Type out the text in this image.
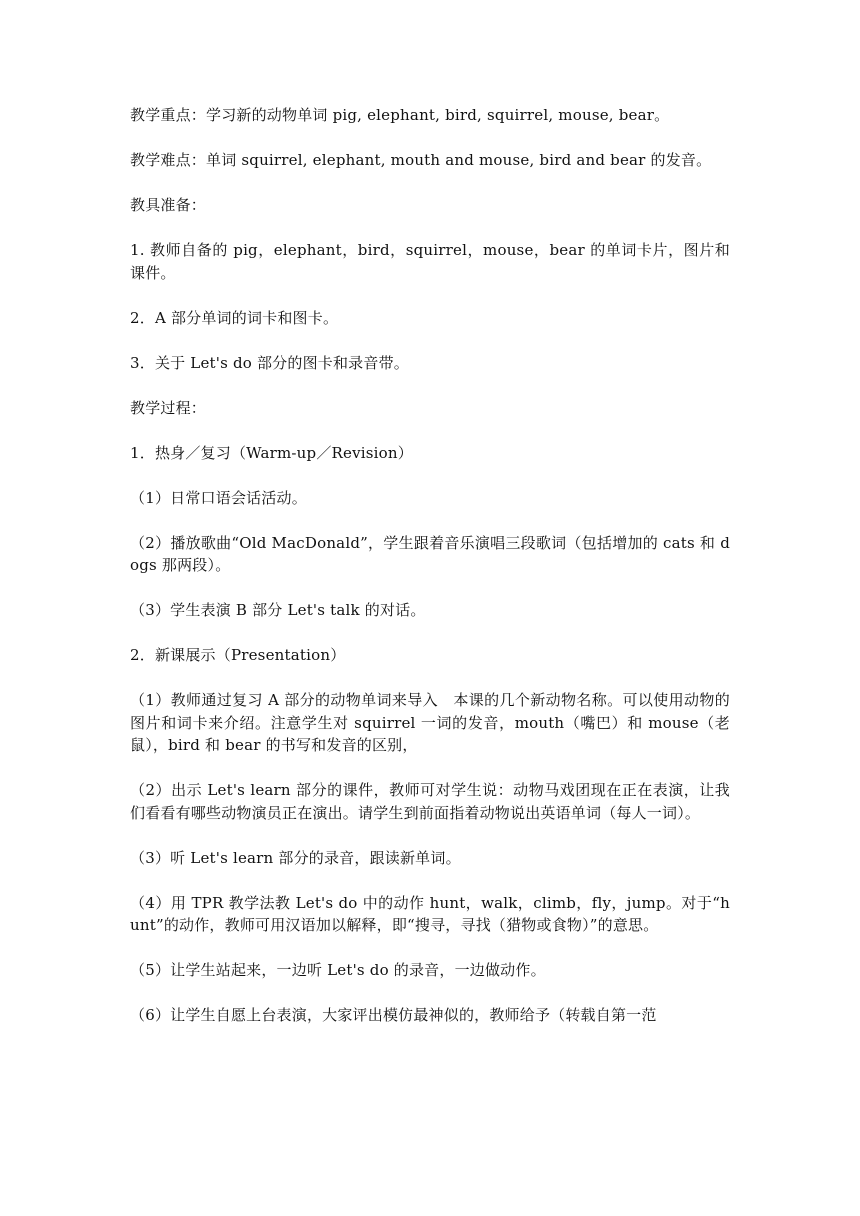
教学重点：学习新的动物单词 pig, elephant, bird, squirrel, mouse, bear。

教学难点：单词 squirrel, elephant, mouth and mouse, bird and bear 的发音。

教具准备：

1. 教师自备的 pig，elephant，bird，squirrel，mouse，bear 的单词卡片，图片和课件。

2．A 部分单词的词卡和图卡。

3．关于 Let's do 部分的图卡和录音带。

教学过程：

1．热身／复习（Warm-up／Revision）

（1）日常口语会话活动。

（2）播放歌曲“Old MacDonald”，学生跟着音乐演唱三段歌词（包括增加的 cats 和 dogs 那两段）。

（3）学生表演 B 部分 Let's talk 的对话。

2．新课展示（Presentation）

（1）教师通过复习 A 部分的动物单词来导入　本课的几个新动物名称。可以使用动物的图片和词卡来介绍。注意学生对 squirrel 一词的发音，mouth（嘴巴）和 mouse（老鼠），bird 和 bear 的书写和发音的区别，

（2）出示 Let's learn 部分的课件，教师可对学生说：动物马戏团现在正在表演，让我们看看有哪些动物演员正在演出。请学生到前面指着动物说出英语单词（每人一词）。

（3）听 Let's learn 部分的录音，跟读新单词。

（4）用 TPR 教学法教 Let's do 中的动作 hunt，walk，climb，fly，jump。对于“hunt”的动作，教师可用汉语加以解释，即“搜寻，寻找（猎物或食物）”的意思。

（5）让学生站起来，一边听 Let's do 的录音，一边做动作。

（6）让学生自愿上台表演，大家评出模仿最神似的，教师给予（转载自第一范
